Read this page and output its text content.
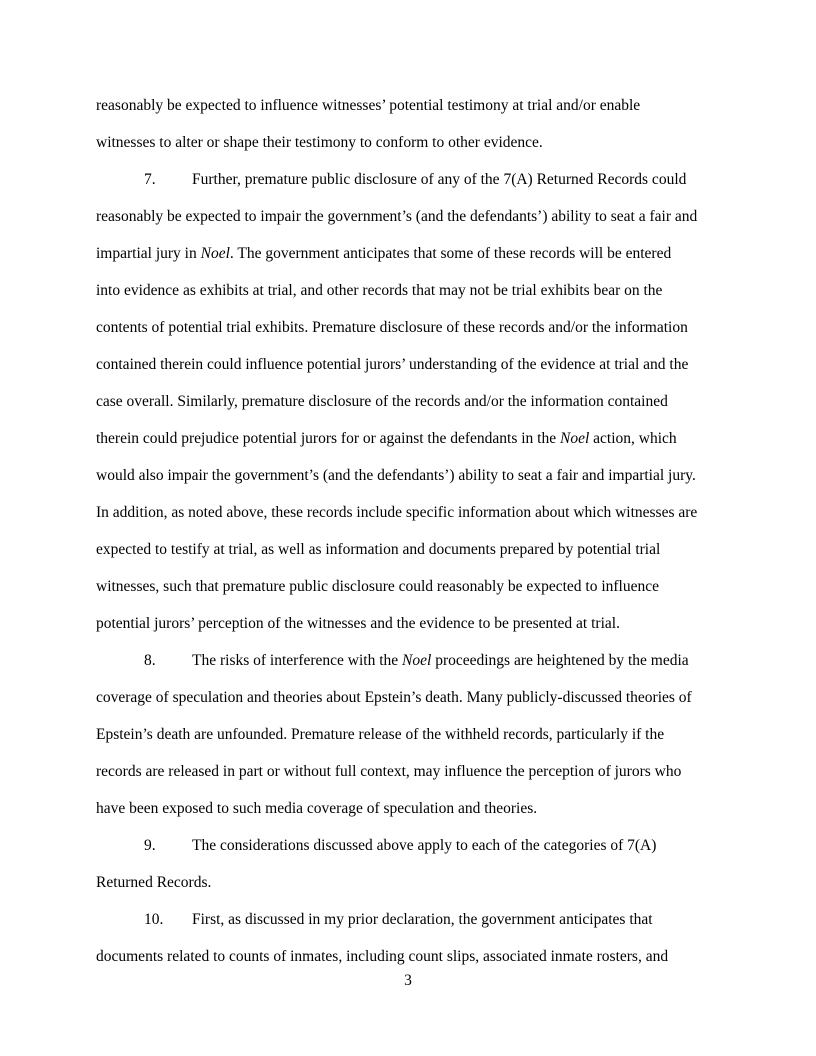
reasonably be expected to influence witnesses’ potential testimony at trial and/or enable
witnesses to alter or shape their testimony to conform to other evidence.
7. Further, premature public disclosure of any of the 7(A) Returned Records could
reasonably be expected to impair the government’s (and the defendants’) ability to seat a fair and
impartial jury in Noel. The government anticipates that some of these records will be entered
into evidence as exhibits at trial, and other records that may not be trial exhibits bear on the
contents of potential trial exhibits. Premature disclosure of these records and/or the information
contained therein could influence potential jurors’ understanding of the evidence at trial and the
case overall. Similarly, premature disclosure of the records and/or the information contained
therein could prejudice potential jurors for or against the defendants in the Noel action, which
would also impair the government’s (and the defendants’) ability to seat a fair and impartial jury.
In addition, as noted above, these records include specific information about which witnesses are
expected to testify at trial, as well as information and documents prepared by potential trial
witnesses, such that premature public disclosure could reasonably be expected to influence
potential jurors’ perception of the witnesses and the evidence to be presented at trial.
8. The risks of interference with the Noel proceedings are heightened by the media
coverage of speculation and theories about Epstein’s death. Many publicly-discussed theories of
Epstein’s death are unfounded. Premature release of the withheld records, particularly if the
records are released in part or without full context, may influence the perception of jurors who
have been exposed to such media coverage of speculation and theories.
9. The considerations discussed above apply to each of the categories of 7(A)
Returned Records.
10. First, as discussed in my prior declaration, the government anticipates that
documents related to counts of inmates, including count slips, associated inmate rosters, and
3
